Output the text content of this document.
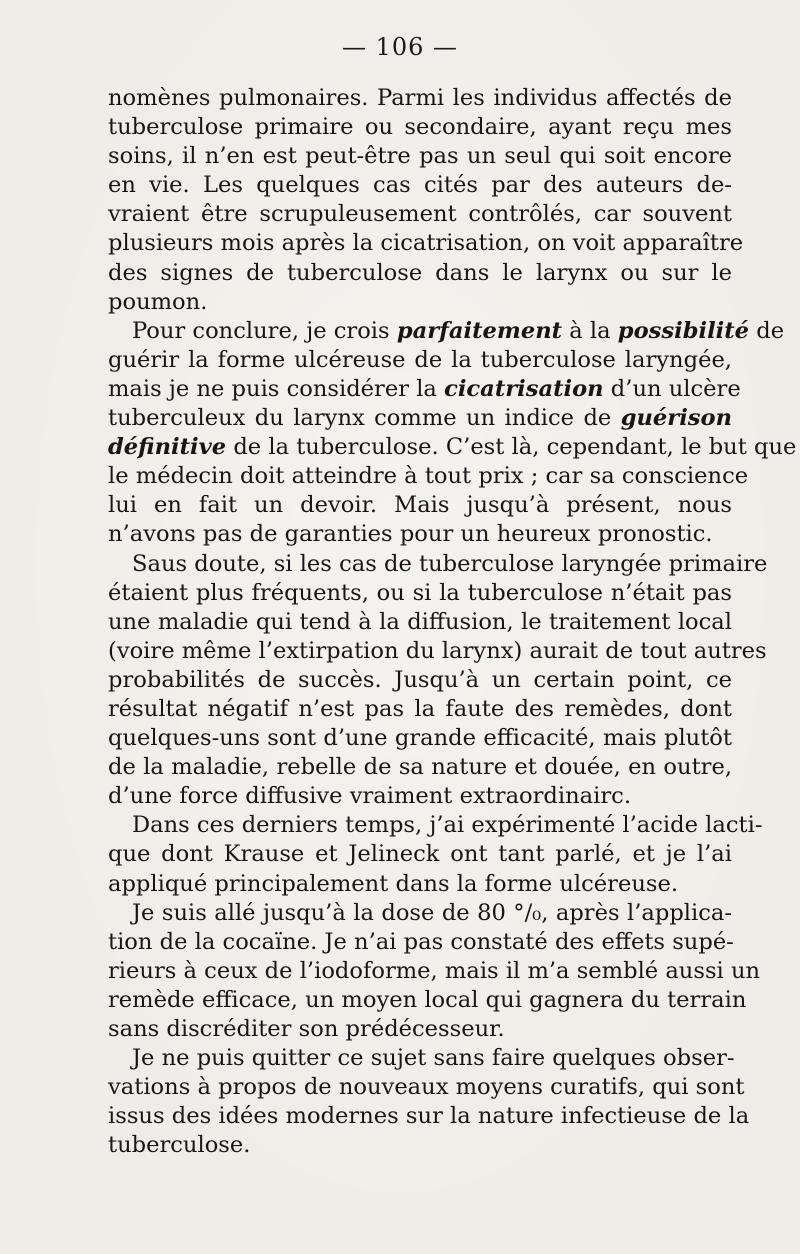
— 106 —
nomènes pulmonaires. Parmi les individus affectés de
tuberculose primaire ou secondaire, ayant reçu mes
soins, il n’en est peut-être pas un seul qui soit encore
en vie. Les quelques cas cités par des auteurs de-
vraient être scrupuleusement contrôlés, car souvent
plusieurs mois après la cicatrisation, on voit apparaître
des signes de tuberculose dans le larynx ou sur le
poumon.
Pour conclure, je crois parfaitement à la possibilité de
guérir la forme ulcéreuse de la tuberculose laryngée,
mais je ne puis considérer la cicatrisation d’un ulcère
tuberculeux du larynx comme un indice de guérison
définitive de la tuberculose. C’est là, cependant, le but que
le médecin doit atteindre à tout prix ; car sa conscience
lui en fait un devoir. Mais jusqu’à présent, nous
n’avons pas de garanties pour un heureux pronostic.
Saus doute, si les cas de tuberculose laryngée primaire
étaient plus fréquents, ou si la tuberculose n’était pas
une maladie qui tend à la diffusion, le traitement local
(voire même l’extirpation du larynx) aurait de tout autres
probabilités de succès. Jusqu’à un certain point, ce
résultat négatif n’est pas la faute des remèdes, dont
quelques-uns sont d’une grande efficacité, mais plutôt
de la maladie, rebelle de sa nature et douée, en outre,
d’une force diffusive vraiment extraordinairc.
Dans ces derniers temps, j’ai expérimenté l’acide lacti-
que dont Krause et Jelineck ont tant parlé, et je l’ai
appliqué principalement dans la forme ulcéreuse.
Je suis allé jusqu’à la dose de 80 °/₀, après l’applica-
tion de la cocaïne. Je n’ai pas constaté des effets supé-
rieurs à ceux de l’iodoforme, mais il m’a semblé aussi un
remède efficace, un moyen local qui gagnera du terrain
sans discréditer son prédécesseur.
Je ne puis quitter ce sujet sans faire quelques obser-
vations à propos de nouveaux moyens curatifs, qui sont
issus des idées modernes sur la nature infectieuse de la
tuberculose.
